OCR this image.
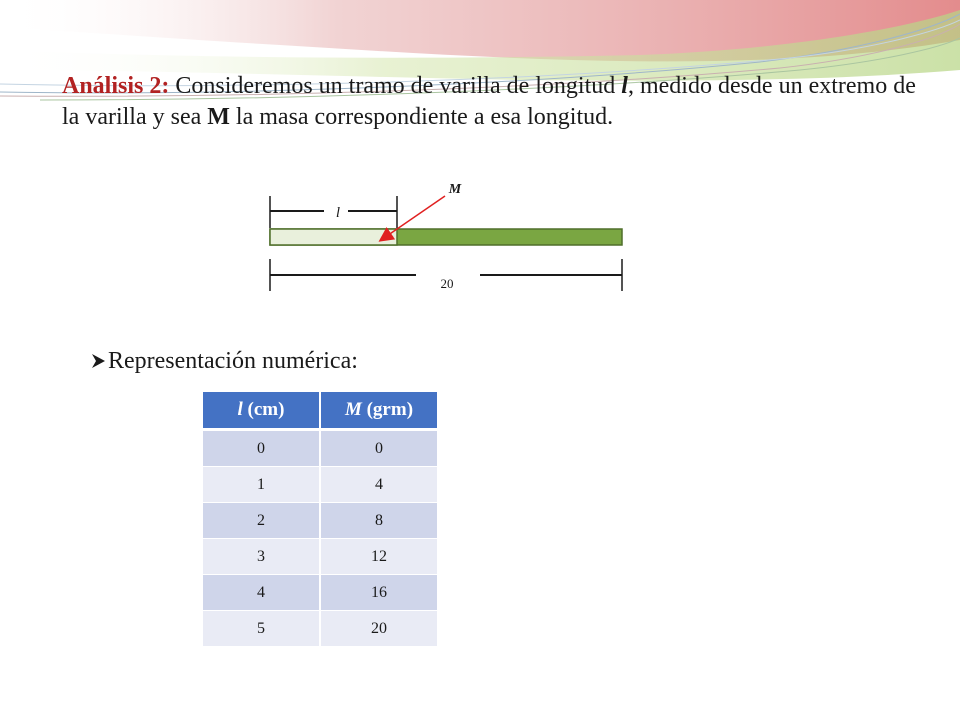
Análisis 2: Consideremos un tramo de varilla de longitud l, medido desde un extremo de la varilla y sea M la masa correspondiente a esa longitud.
l
M
20
Representación numérica:
l (cm)	M (grm)
0	0
1	4
2	8
3	12
4	16
5	20
